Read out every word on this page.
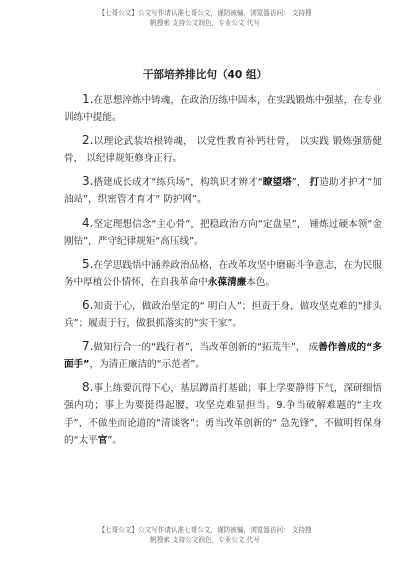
【七哥公文】公文写作请认准七哥公文，谨防被骗，浏览器访问： 支持搜
帆搜索 支持公文润色，专业公文 代写
干部培养排比句（40 组）

1.在思想淬炼中铸魂，在政治历练中固本，在实践锻炼中强基，在专业训练中提能。

2.以理论武装培根铸魂， 以党性教育补钙壮骨， 以实践 锻炼强筋健骨， 以纪律规矩修身正行。

3.搭建成长成才“练兵场”，构筑识才辨才“瞭望塔”， 打造助才护才“加油站”，织密管才育才“ 防护网”。

4.坚定理想信念“主心骨”，把稳政治方向“定盘星”， 锤炼过硬本领“金刚钻”，严守纪律规矩“高压线”。

5.在学思践悟中涵养政治品格，在改革攻坚中磨砺斗争意志，在为民服务中厚植公仆情怀，在自我革命中永葆清廉本色。

6.知责于心，做政治坚定的“ 明白人”；担责于身，做攻坚克难的“排头兵”；履责于行，做狠抓落实的“实干家”。

7.做知行合一的“践行者”，当改革创新的“拓荒牛”， 成善作善成的“多面手”，为清正廉洁的“示范者”。

8.事上练要沉得下心，基层蹲苗打基础；事上学要静得下气，深研细悟强内功；事上为要挺得起腰，攻坚克难显担当。9.争当破解难题的“主攻手”，不做坐而论道的“清谈客”；勇当改革创新的“ 急先锋”，不做明哲保身的“太平官”。

【七哥公文】公文写作请认准七哥公文，谨防被骗，浏览器访问： 支持搜
帆搜索 支持公文润色，专业公文 代写
